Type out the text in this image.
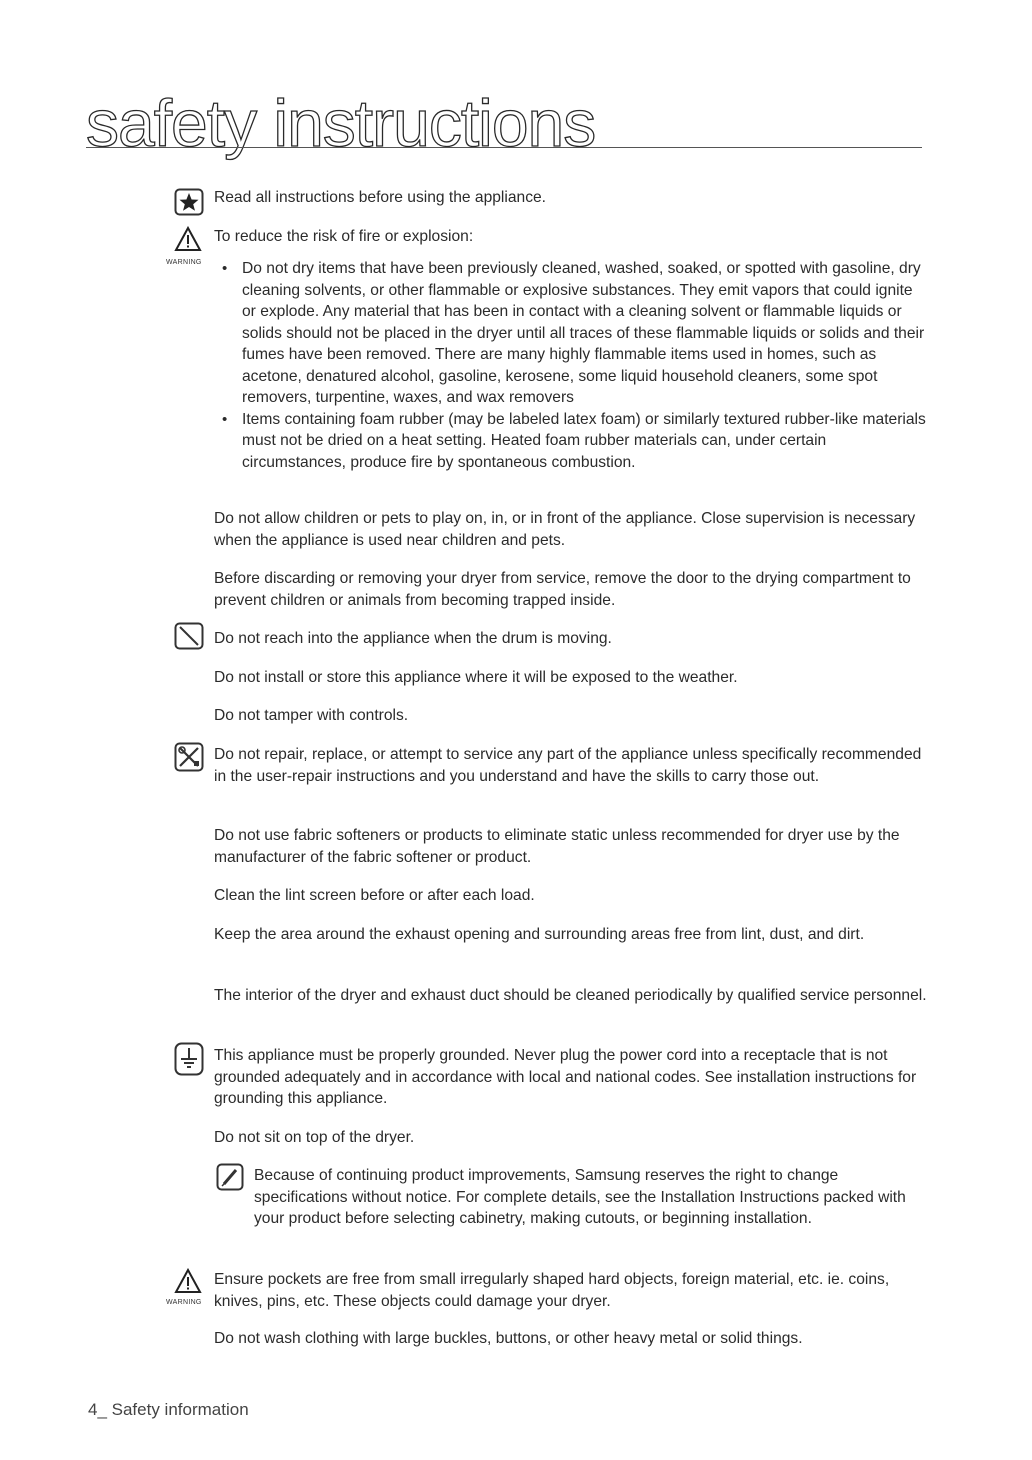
safety instructions

Read all instructions before using the appliance.

WARNING

To reduce the risk of fire or explosion:

• Do not dry items that have been previously cleaned, washed, soaked, or spotted with gasoline, dry cleaning solvents, or other flammable or explosive substances. They emit vapors that could ignite or explode. Any material that has been in contact with a cleaning solvent or flammable liquids or solids should not be placed in the dryer until all traces of these flammable liquids or solids and their fumes have been removed. There are many highly flammable items used in homes, such as acetone, denatured alcohol, gasoline, kerosene, some liquid household cleaners, some spot removers, turpentine, waxes, and wax removers
• Items containing foam rubber (may be labeled latex foam) or similarly textured rubber-like materials must not be dried on a heat setting. Heated foam rubber materials can, under certain circumstances, produce fire by spontaneous combustion.

Do not allow children or pets to play on, in, or in front of the appliance. Close supervision is necessary when the appliance is used near children and pets.

Before discarding or removing your dryer from service, remove the door to the drying compartment to prevent children or animals from becoming trapped inside.

Do not reach into the appliance when the drum is moving.

Do not install or store this appliance where it will be exposed to the weather.

Do not tamper with controls.

Do not repair, replace, or attempt to service any part of the appliance unless specifically recommended in the user-repair instructions and you understand and have the skills to carry those out.

Do not use fabric softeners or products to eliminate static unless recommended for dryer use by the manufacturer of the fabric softener or product.

Clean the lint screen before or after each load.

Keep the area around the exhaust opening and surrounding areas free from lint, dust, and dirt.

The interior of the dryer and exhaust duct should be cleaned periodically by qualified service personnel.

This appliance must be properly grounded. Never plug the power cord into a receptacle that is not grounded adequately and in accordance with local and national codes. See installation instructions for grounding this appliance.

Do not sit on top of the dryer.

Because of continuing product improvements, Samsung reserves the right to change specifications without notice. For complete details, see the Installation Instructions packed with your product before selecting cabinetry, making cutouts, or beginning installation.

WARNING

Ensure pockets are free from small irregularly shaped hard objects, foreign material, etc. ie. coins, knives, pins, etc. These objects could damage your dryer.

Do not wash clothing with large buckles, buttons, or other heavy metal or solid things.

4_ Safety information
